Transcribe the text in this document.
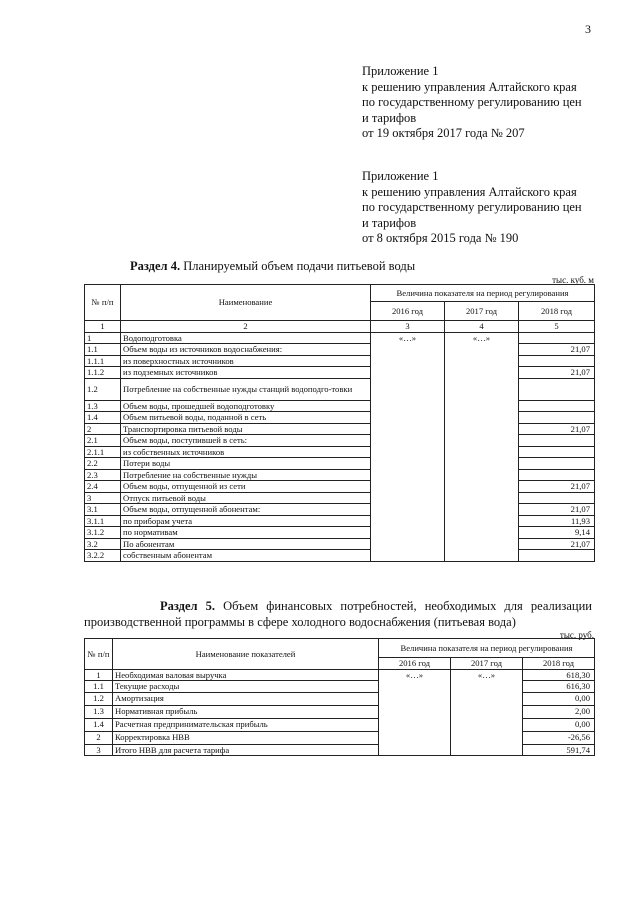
3
Приложение 1
к решению управления Алтайского края
по государственному регулированию цен
и тарифов
от 19 октября 2017 года № 207
Приложение 1
к решению управления Алтайского края
по государственному регулированию цен
и тарифов
от 8 октября 2015 года № 190
Раздел 4. Планируемый объем подачи питьевой воды
тыс. куб. м
№ п/п	Наименование	Величина показателя на период регулирования		
		2016 год	2017 год	2018 год
1	2	3	4	5
1	Водоподготовка	«…»	«…»	
1.1	Объем воды из источников водоснабжения:			21,07
1.1.1	из поверхностных источников			
1.1.2	из подземных источников			21,07
1.2	Потребление на собственные нужды станций водоподго-товки			
1.3	Объем воды, прошедшей водоподготовку			
1.4	Объем питьевой воды, поданной в сеть			
2	Транспортировка питьевой воды			21,07
2.1	Объем воды, поступившей в сеть:			
2.1.1	из собственных источников			
2.2	Потери воды			
2.3	Потребление на собственные нужды			
2.4	Объем воды, отпущенной из сети			21,07
3	Отпуск питьевой воды			
3.1	Объем воды, отпущенной абонентам:			21,07
3.1.1	по приборам учета			11,93
3.1.2	по нормативам			9,14
3.2	По абонентам			21,07
3.2.2	собственным абонентам			
Раздел 5. Объем финансовых потребностей, необходимых для реализации производственной программы в сфере холодного водоснабжения (питьевая вода)
тыс. руб.
№ п/п	Наименование показателей	Величина показателя на период регулирования		
		2016 год	2017 год	2018 год
1	Необходимая валовая выручка	«…»	«…»	618,30
1.1	Текущие расходы			616,30
1.2	Амортизация			0,00
1.3	Нормативная прибыль			2,00
1.4	Расчетная предпринимательская прибыль			0,00
2	Корректировка НВВ			-26,56
3	Итого НВВ для расчета тарифа			591,74
